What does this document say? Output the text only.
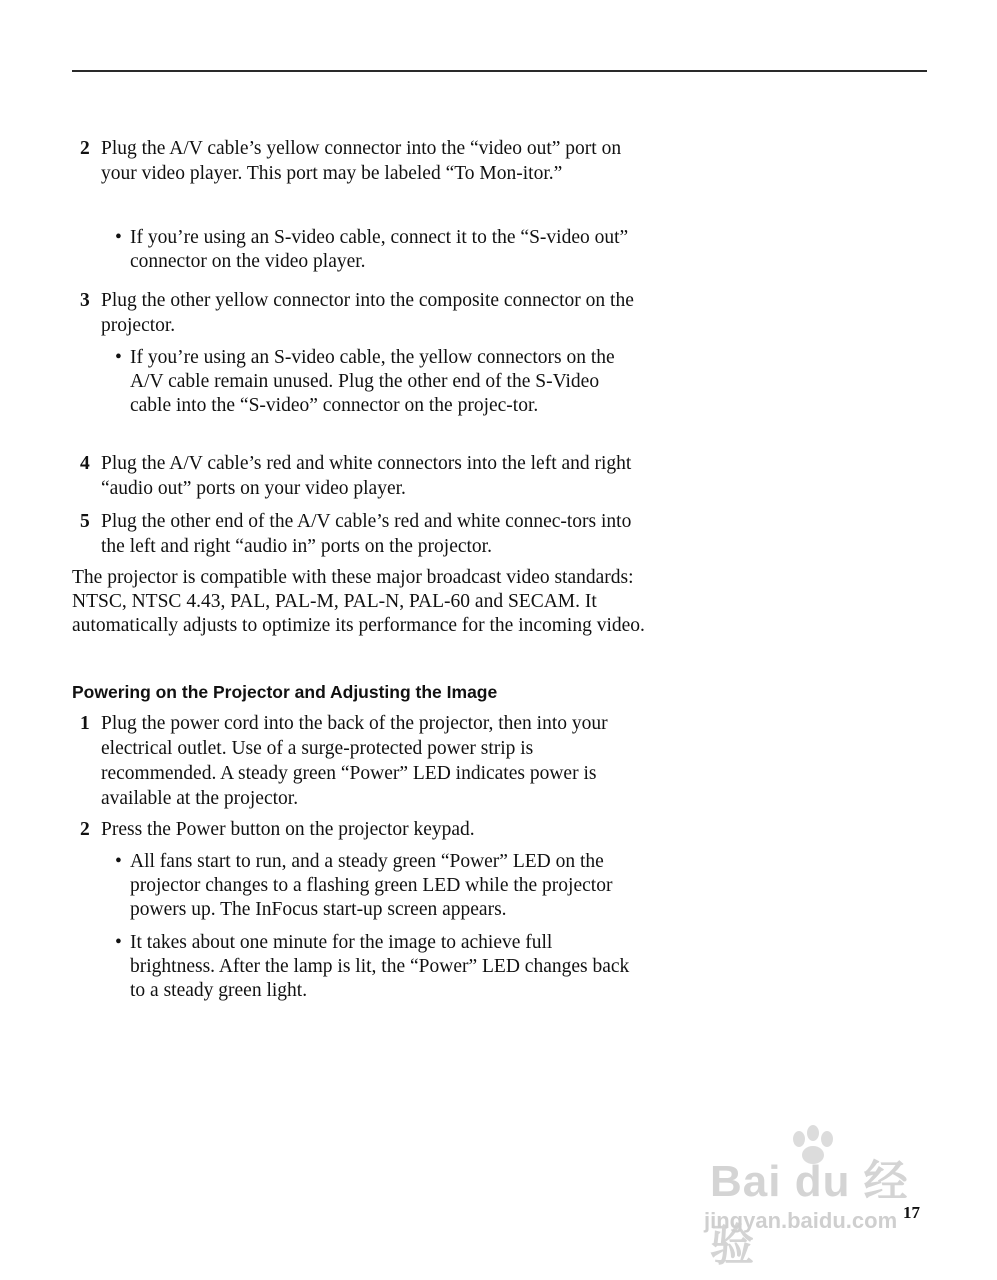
2 Plug the A/V cable’s yellow connector into the “video out” port on your video player. This port may be labeled “To Mon-itor.”
• If you’re using an S-video cable, connect it to the “S-video out” connector on the video player.
3 Plug the other yellow connector into the composite connector on the projector.
• If you’re using an S-video cable, the yellow connectors on the A/V cable remain unused. Plug the other end of the S-Video cable into the “S-video” connector on the projec-tor.
4 Plug the A/V cable’s red and white connectors into the left and right “audio out” ports on your video player.
5 Plug the other end of the A/V cable’s red and white connec-tors into the left and right “audio in” ports on the projector.

The projector is compatible with these major broadcast video standards: NTSC, NTSC 4.43, PAL, PAL-M, PAL-N, PAL-60 and SECAM. It automatically adjusts to optimize its performance for the incoming video.

Powering on the Projector and Adjusting the Image
1 Plug the power cord into the back of the projector, then into your electrical outlet. Use of a surge-protected power strip is recommended. A steady green “Power” LED indicates power is available at the projector.
2 Press the Power button on the projector keypad.
• All fans start to run, and a steady green “Power” LED on the projector changes to a flashing green LED while the projector powers up. The InFocus start-up screen appears.
• It takes about one minute for the image to achieve full brightness. After the lamp is lit, the “Power” LED changes back to a steady green light.
Bai du 经验
jingyan.baidu.com 17
